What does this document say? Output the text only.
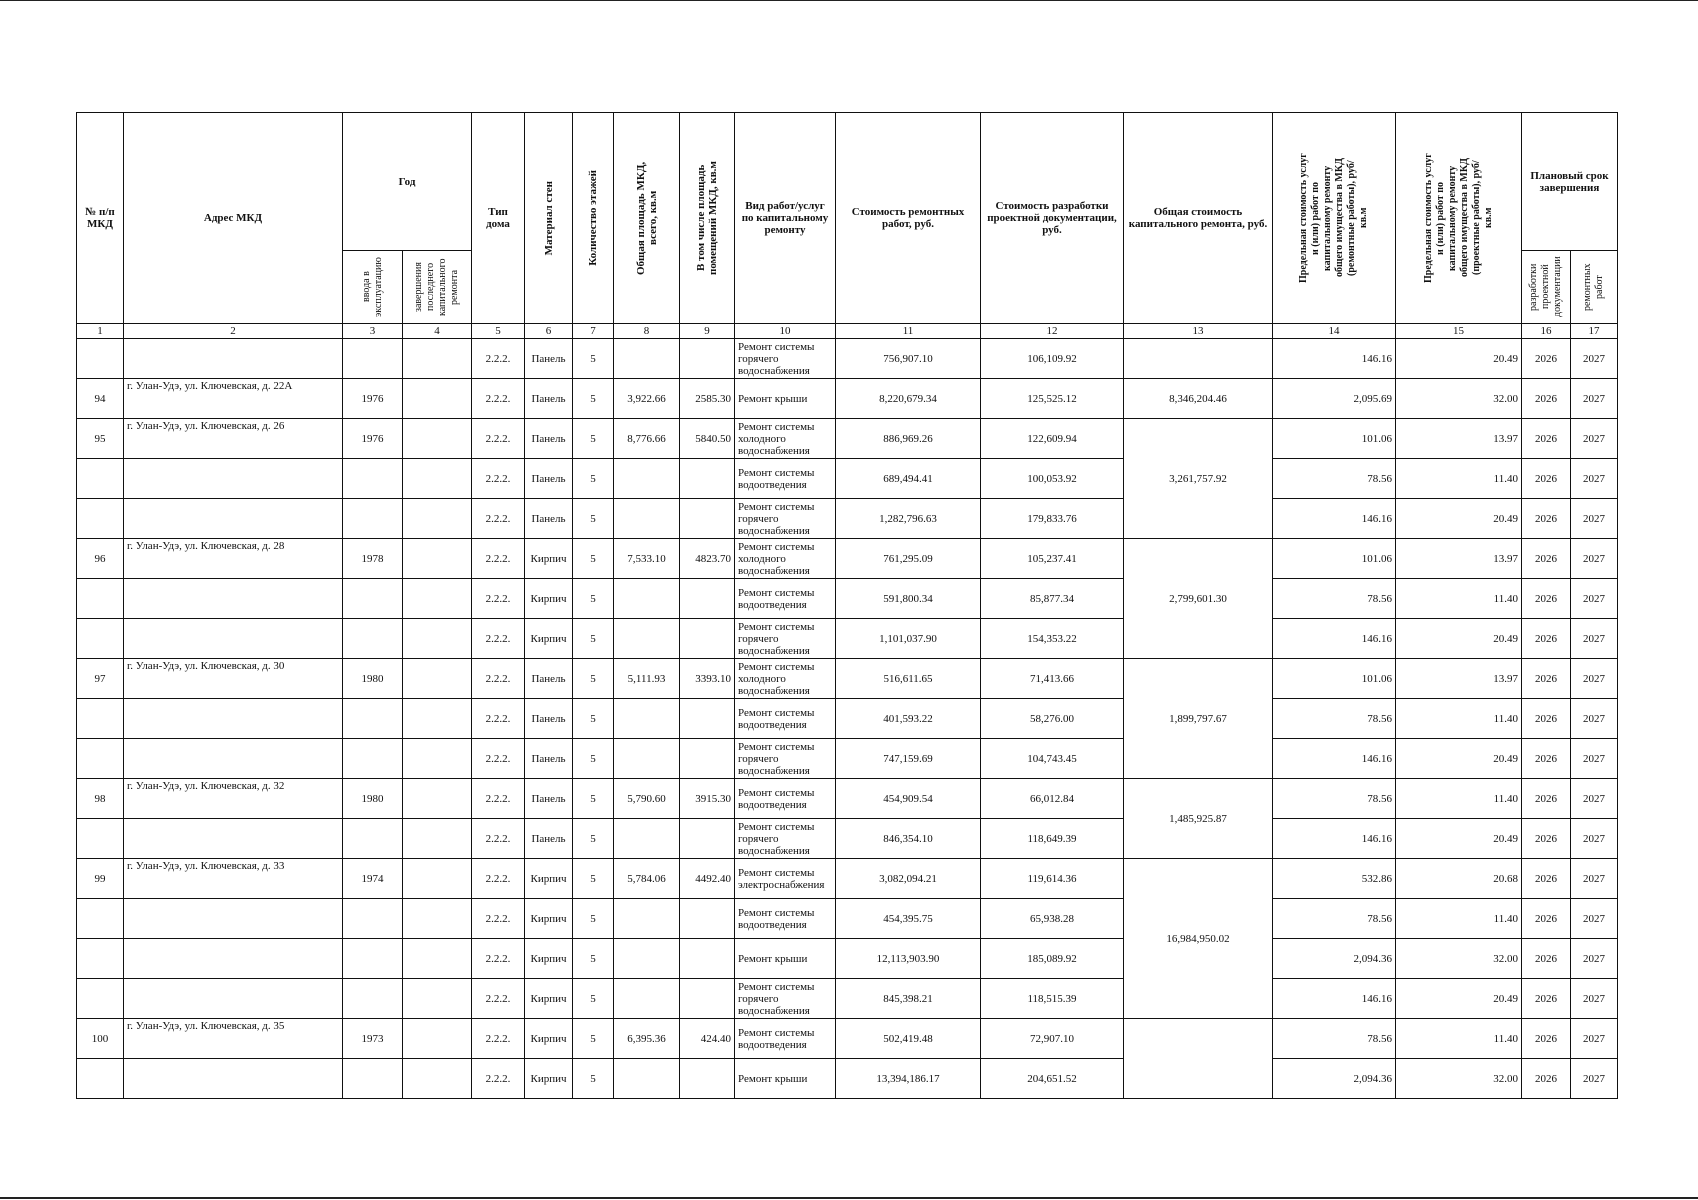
№ п/п МКД	Адрес МКД	Год		Тип дома	Материал стен	Количество этажей	Общая площадь МКД, всего, кв.м	В том числе площадь помещений МКД, кв.м	Вид работ/услуг по капитальному ремонту	Стоимость ремонтных работ, руб.	Стоимость разработки проектной документации, руб.	Общая стоимость капитального ремонта, руб.	Предельная стоимость услуг и (или) работ по капитальному ремонту общего имущества в МКД (ремонтные работы), руб/кв.м	Предельная стоимость услуг и (или) работ по капитальному ремонту общего имущества в МКД (проектные работы), руб/кв.м	Плановый срок завершения	

		ввода в эксплуатацию	завершения последнего капитального ремонта												разработки проектной документации	ремонтных работ

1	2	3	4	5	6	7	8	9	10	11	12	13	14	15	16	17
				2.2.2.	Панель	5			Ремонт системы горячего водоснабжения	756,907.10	106,109.92		146.16	20.49	2026	2027
94	г. Улан-Удэ, ул. Ключевская, д. 22А	1976		2.2.2.	Панель	5	3,922.66	2585.30	Ремонт крыши	8,220,679.34	125,525.12	8,346,204.46	2,095.69	32.00	2026	2027
95	г. Улан-Удэ, ул. Ключевская, д. 26	1976		2.2.2.	Панель	5	8,776.66	5840.50	Ремонт системы холодного водоснабжения	886,969.26	122,609.94	3,261,757.92	101.06	13.97	2026	2027
				2.2.2.	Панель	5			Ремонт системы водоотведения	689,494.41	100,053.92		78.56	11.40	2026	2027
				2.2.2.	Панель	5			Ремонт системы горячего водоснабжения	1,282,796.63	179,833.76		146.16	20.49	2026	2027
96	г. Улан-Удэ, ул. Ключевская, д. 28	1978		2.2.2.	Кирпич	5	7,533.10	4823.70	Ремонт системы холодного водоснабжения	761,295.09	105,237.41	2,799,601.30	101.06	13.97	2026	2027
				2.2.2.	Кирпич	5			Ремонт системы водоотведения	591,800.34	85,877.34		78.56	11.40	2026	2027
				2.2.2.	Кирпич	5			Ремонт системы горячего водоснабжения	1,101,037.90	154,353.22		146.16	20.49	2026	2027
97	г. Улан-Удэ, ул. Ключевская, д. 30	1980		2.2.2.	Панель	5	5,111.93	3393.10	Ремонт системы холодного водоснабжения	516,611.65	71,413.66	1,899,797.67	101.06	13.97	2026	2027
				2.2.2.	Панель	5			Ремонт системы водоотведения	401,593.22	58,276.00		78.56	11.40	2026	2027
				2.2.2.	Панель	5			Ремонт системы горячего водоснабжения	747,159.69	104,743.45		146.16	20.49	2026	2027
98	г. Улан-Удэ, ул. Ключевская, д. 32	1980		2.2.2.	Панель	5	5,790.60	3915.30	Ремонт системы водоотведения	454,909.54	66,012.84	1,485,925.87	78.56	11.40	2026	2027
				2.2.2.	Панель	5			Ремонт системы горячего водоснабжения	846,354.10	118,649.39		146.16	20.49	2026	2027
99	г. Улан-Удэ, ул. Ключевская, д. 33	1974		2.2.2.	Кирпич	5	5,784.06	4492.40	Ремонт системы электроснабжения	3,082,094.21	119,614.36	16,984,950.02	532.86	20.68	2026	2027
				2.2.2.	Кирпич	5			Ремонт системы водоотведения	454,395.75	65,938.28		78.56	11.40	2026	2027
				2.2.2.	Кирпич	5			Ремонт крыши	12,113,903.90	185,089.92		2,094.36	32.00	2026	2027
				2.2.2.	Кирпич	5			Ремонт системы горячего водоснабжения	845,398.21	118,515.39		146.16	20.49	2026	2027
100	г. Улан-Удэ, ул. Ключевская, д. 35	1973		2.2.2.	Кирпич	5	6,395.36	424.40	Ремонт системы водоотведения	502,419.48	72,907.10		78.56	11.40	2026	2027
				2.2.2.	Кирпич	5			Ремонт крыши	13,394,186.17	204,651.52		2,094.36	32.00	2026	2027
